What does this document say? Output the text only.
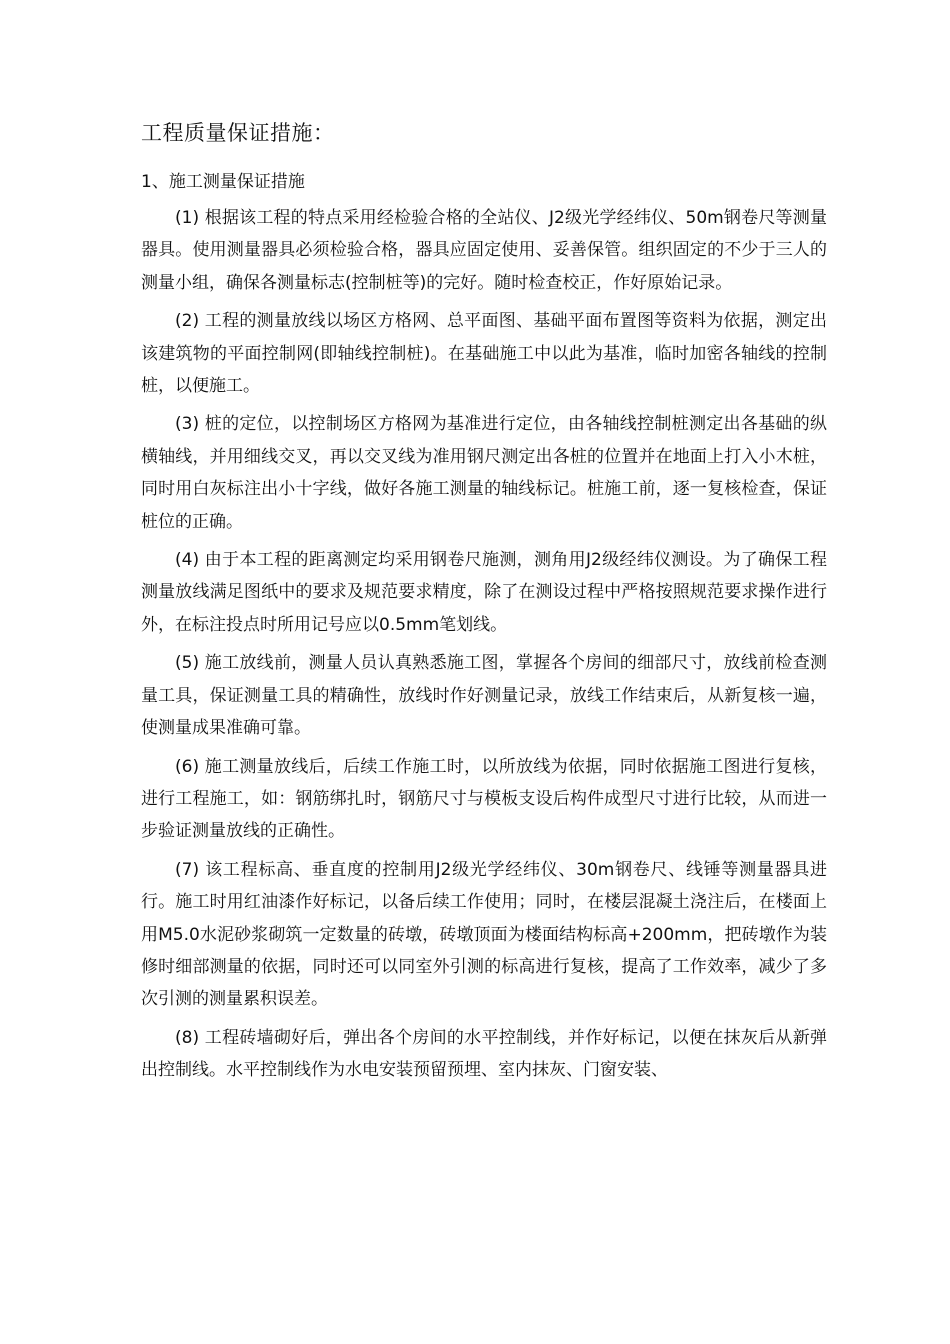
工程质量保证措施：
1、施工测量保证措施

(1) 根据该工程的特点采用经检验合格的全站仪、J2级光学经纬仪、50m钢卷尺等测量器具。使用测量器具必须检验合格，器具应固定使用、妥善保管。组织固定的不少于三人的测量小组，确保各测量标志(控制桩等)的完好。随时检查校正，作好原始记录。

(2) 工程的测量放线以场区方格网、总平面图、基础平面布置图等资料为依据，测定出该建筑物的平面控制网(即轴线控制桩)。在基础施工中以此为基准，临时加密各轴线的控制桩，以便施工。

(3) 桩的定位，以控制场区方格网为基准进行定位，由各轴线控制桩测定出各基础的纵横轴线，并用细线交叉，再以交叉线为准用钢尺测定出各桩的位置并在地面上打入小木桩，同时用白灰标注出小十字线，做好各施工测量的轴线标记。桩施工前，逐一复核检查，保证桩位的正确。

(4) 由于本工程的距离测定均采用钢卷尺施测，测角用J2级经纬仪测设。为了确保工程测量放线满足图纸中的要求及规范要求精度，除了在测设过程中严格按照规范要求操作进行外，在标注投点时所用记号应以0.5mm笔划线。

(5) 施工放线前，测量人员认真熟悉施工图，掌握各个房间的细部尺寸，放线前检查测量工具，保证测量工具的精确性，放线时作好测量记录，放线工作结束后，从新复核一遍，使测量成果准确可靠。

(6) 施工测量放线后，后续工作施工时，以所放线为依据，同时依据施工图进行复核，进行工程施工，如：钢筋绑扎时，钢筋尺寸与模板支设后构件成型尺寸进行比较，从而进一步验证测量放线的正确性。

(7) 该工程标高、垂直度的控制用J2级光学经纬仪、30m钢卷尺、线锤等测量器具进行。施工时用红油漆作好标记，以备后续工作使用；同时，在楼层混凝土浇注后，在楼面上用M5.0水泥砂浆砌筑一定数量的砖墩，砖墩顶面为楼面结构标高+200mm，把砖墩作为装修时细部测量的依据，同时还可以同室外引测的标高进行复核，提高了工作效率，减少了多次引测的测量累积误差。

(8) 工程砖墙砌好后，弹出各个房间的水平控制线，并作好标记，以便在抹灰后从新弹出控制线。水平控制线作为水电安装预留预埋、室内抹灰、门窗安装、
